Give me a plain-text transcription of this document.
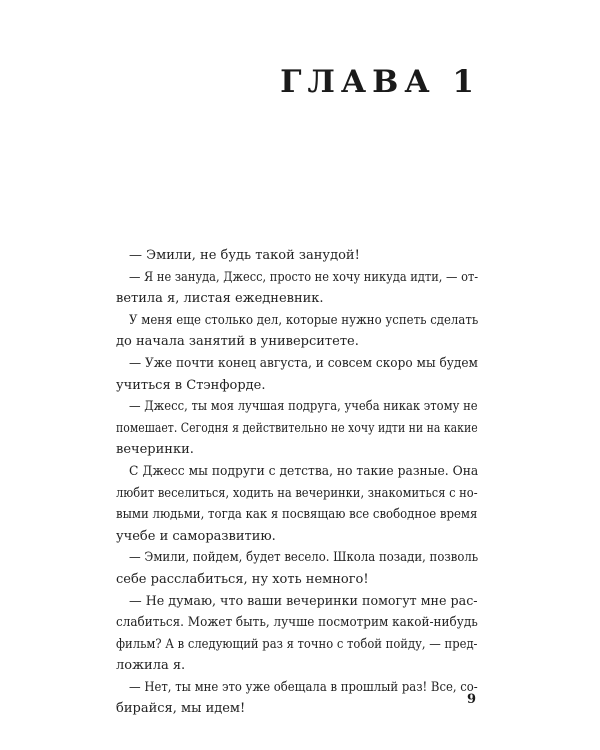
ГЛАВА 1
— Эмили, не будь такой занудой!
— Я не зануда, Джесс, просто не хочу никуда идти, — от-
ветила я, листая ежедневник.
У меня еще столько дел, которые нужно успеть сделать
до начала занятий в университете.
— Уже почти конец августа, и совсем скоро мы будем
учиться в Стэнфорде.
— Джесс, ты моя лучшая подруга, учеба никак этому не
помешает. Сегодня я действительно не хочу идти ни на какие
вечеринки.
С Джесс мы подруги с детства, но такие разные. Она
любит веселиться, ходить на вечеринки, знакомиться с но-
выми людьми, тогда как я посвящаю все свободное время
учебе и саморазвитию.
— Эмили, пойдем, будет весело. Школа позади, позволь
себе расслабиться, ну хоть немного!
— Не думаю, что ваши вечеринки помогут мне рас-
слабиться. Может быть, лучше посмотрим какой-нибудь
фильм? А в следующий раз я точно с тобой пойду, — пред-
ложила я.
— Нет, ты мне это уже обещала в прошлый раз! Все, со-
бирайся, мы идем!
9
